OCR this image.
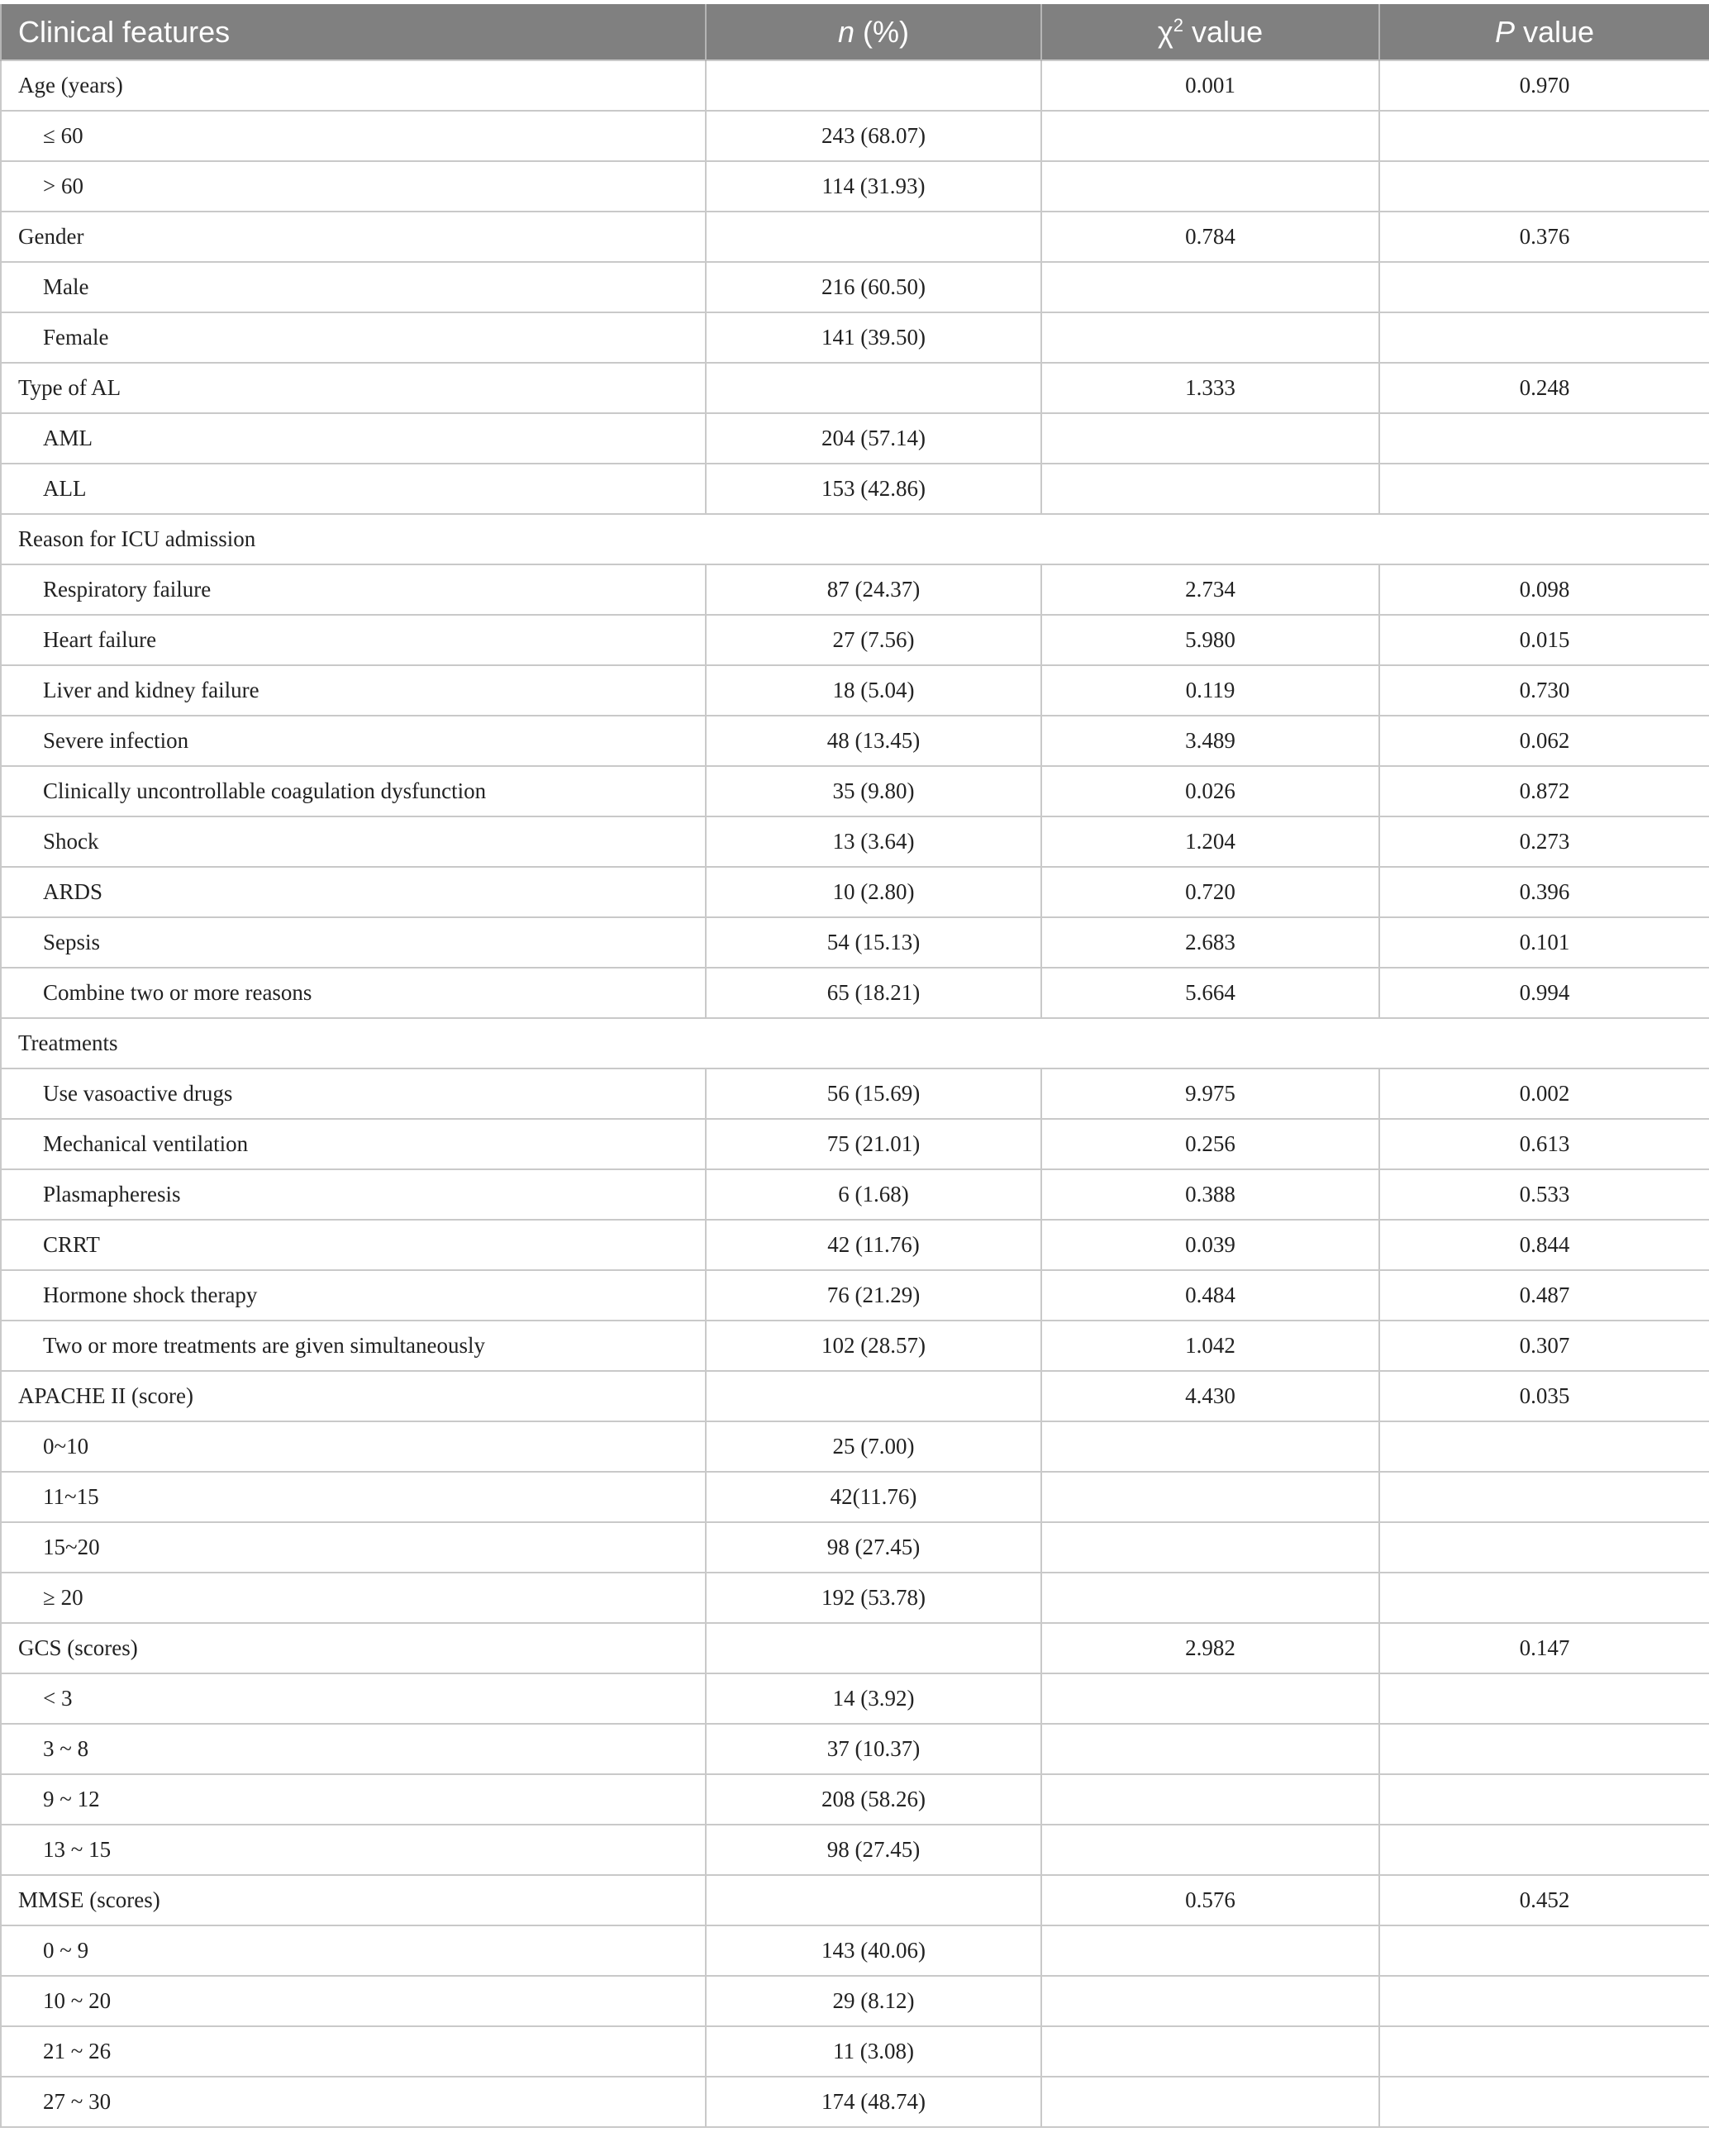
Clinical features	n (%)	$\chi^2$ value	P value
Age (years)		0.001	0.970
≤ 60	243 (68.07)		
> 60	114 (31.93)		
Gender		0.784	0.376
Male	216 (60.50)		
Female	141 (39.50)		
Type of AL		1.333	0.248
AML	204 (57.14)		
ALL	153 (42.86)		
Reason for ICU admission			
Respiratory failure	87 (24.37)	2.734	0.098
Heart failure	27 (7.56)	5.980	0.015
Liver and kidney failure	18 (5.04)	0.119	0.730
Severe infection	48 (13.45)	3.489	0.062
Clinically uncontrollable coagulation dysfunction	35 (9.80)	0.026	0.872
Shock	13 (3.64)	1.204	0.273
ARDS	10 (2.80)	0.720	0.396
Sepsis	54 (15.13)	2.683	0.101
Combine two or more reasons	65 (18.21)	5.664	0.994
Treatments			
Use vasoactive drugs	56 (15.69)	9.975	0.002
Mechanical ventilation	75 (21.01)	0.256	0.613
Plasmapheresis	6 (1.68)	0.388	0.533
CRRT	42 (11.76)	0.039	0.844
Hormone shock therapy	76 (21.29)	0.484	0.487
Two or more treatments are given simultaneously	102 (28.57)	1.042	0.307
APACHE II (score)		4.430	0.035
0~10	25 (7.00)		
11~15	42(11.76)		
15~20	98 (27.45)		
≥ 20	192 (53.78)		
GCS (scores)		2.982	0.147
< 3	14 (3.92)		
3 ~ 8	37 (10.37)		
9 ~ 12	208 (58.26)		
13 ~ 15	98 (27.45)		
MMSE (scores)		0.576	0.452
0 ~ 9	143 (40.06)		
10 ~ 20	29 (8.12)		
21 ~ 26	11 (3.08)		
27 ~ 30	174 (48.74)		
